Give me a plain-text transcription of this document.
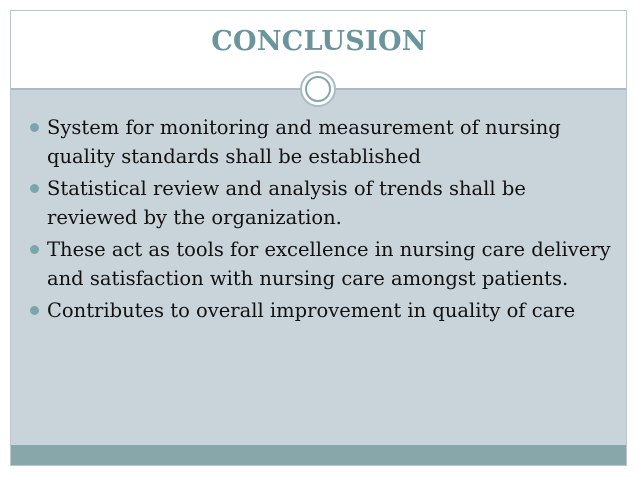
CONCLUSION
System for monitoring and measurement of nursing quality standards shall be established
Statistical review and analysis of trends shall be reviewed by the organization.
These act as tools for excellence in nursing care delivery and satisfaction with nursing care amongst patients.
Contributes to overall improvement in quality of care
